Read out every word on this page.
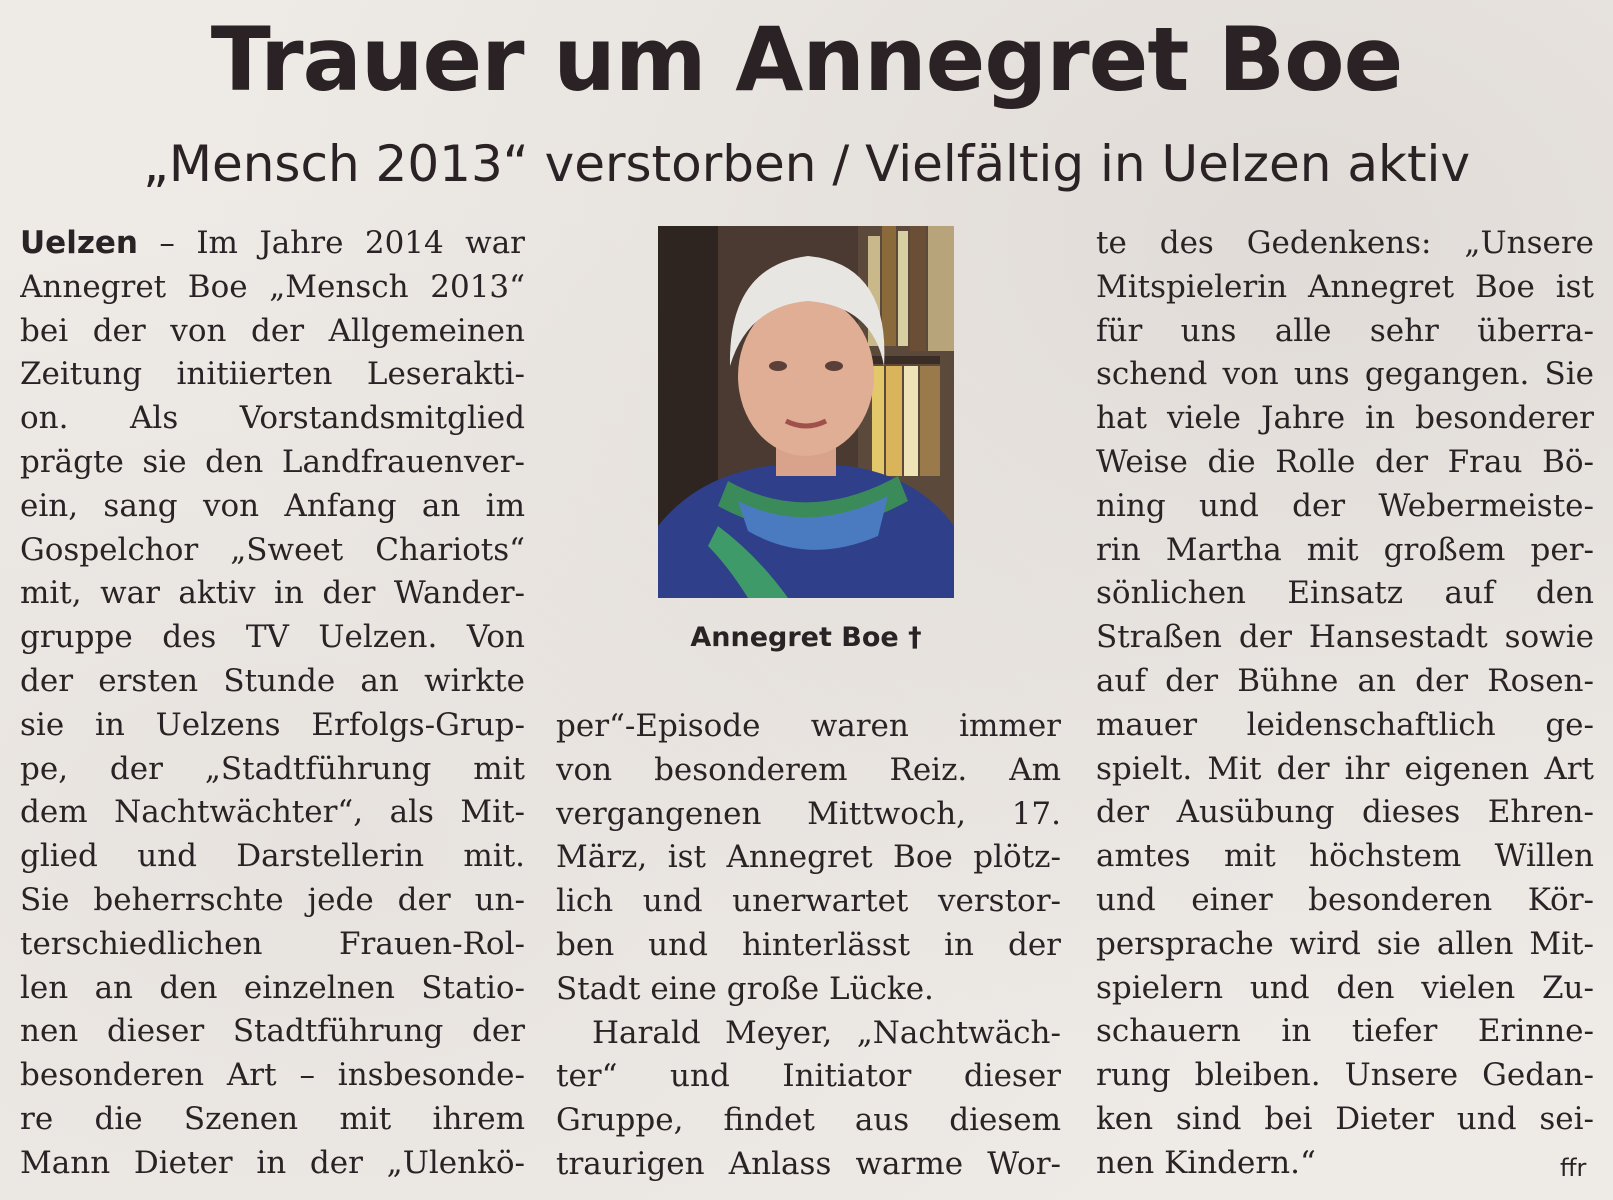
Trauer um Annegret Boe
„Mensch 2013“ verstorben / Vielfältig in Uelzen aktiv
Uelzen – Im Jahre 2014 war
Annegret Boe „Mensch 2013“
bei der von der Allgemeinen
Zeitung initiierten Leserakti-
on. Als Vorstandsmitglied
prägte sie den Landfrauenver-
ein, sang von Anfang an im
Gospelchor „Sweet Chariots“
mit, war aktiv in der Wander-
gruppe des TV Uelzen. Von
der ersten Stunde an wirkte
sie in Uelzens Erfolgs-Grup-
pe, der „Stadtführung mit
dem Nachtwächter“, als Mit-
glied und Darstellerin mit.
Sie beherrschte jede der un-
terschiedlichen Frauen-Rol-
len an den einzelnen Statio-
nen dieser Stadtführung der
besonderen Art – insbesonde-
re die Szenen mit ihrem
Mann Dieter in der „Ulenkö-
Annegret Boe †
per“-Episode waren immer
von besonderem Reiz. Am
vergangenen Mittwoch, 17.
März, ist Annegret Boe plötz-
lich und unerwartet verstor-
ben und hinterlässt in der
Stadt eine große Lücke.
Harald Meyer, „Nachtwäch-
ter“ und Initiator dieser
Gruppe, findet aus diesem
traurigen Anlass warme Wor-
te des Gedenkens: „Unsere
Mitspielerin Annegret Boe ist
für uns alle sehr überra-
schend von uns gegangen. Sie
hat viele Jahre in besonderer
Weise die Rolle der Frau Bö-
ning und der Webermeiste-
rin Martha mit großem per-
sönlichen Einsatz auf den
Straßen der Hansestadt sowie
auf der Bühne an der Rosen-
mauer leidenschaftlich ge-
spielt. Mit der ihr eigenen Art
der Ausübung dieses Ehren-
amtes mit höchstem Willen
und einer besonderen Kör-
persprache wird sie allen Mit-
spielern und den vielen Zu-
schauern in tiefer Erinne-
rung bleiben. Unsere Gedan-
ken sind bei Dieter und sei-
nen Kindern.“	ffr
